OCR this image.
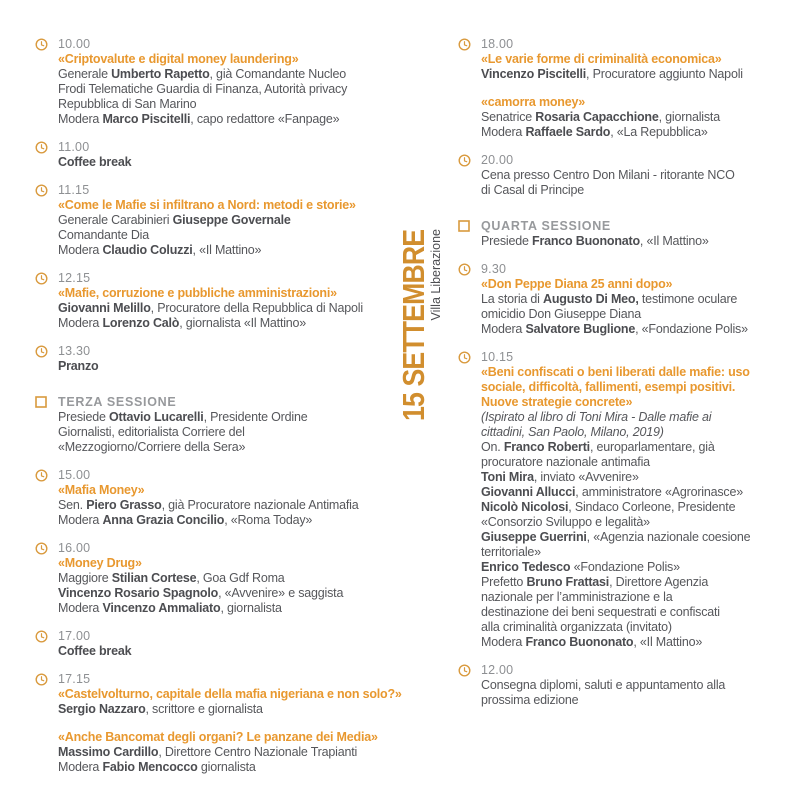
10.00
«Criptovalute e digital money laundering»
Generale Umberto Rapetto, già Comandante Nucleo
Frodi Telematiche Guardia di Finanza, Autorità privacy
Repubblica di San Marino
Modera Marco Piscitelli, capo redattore «Fanpage»
11.00
Coffee break
11.15
«Come le Mafie si infiltrano a Nord: metodi e storie»
Generale Carabinieri Giuseppe Governale
Comandante Dia
Modera Claudio Coluzzi, «Il Mattino»
12.15
«Mafie, corruzione e pubbliche amministrazioni»
Giovanni Melillo, Procuratore della Repubblica di Napoli
Modera Lorenzo Calò, giornalista «Il Mattino»
13.30
Pranzo
TERZA SESSIONE
Presiede Ottavio Lucarelli, Presidente Ordine
Giornalisti, editorialista Corriere del
«Mezzogiorno/Corriere della Sera»
15.00
«Mafia Money»
Sen. Piero Grasso, già Procuratore nazionale Antimafia
Modera Anna Grazia Concilio, «Roma Today»
16.00
«Money Drug»
Maggiore Stilian Cortese, Goa Gdf Roma
Vincenzo Rosario Spagnolo, «Avvenire» e saggista
Modera Vincenzo Ammaliato, giornalista
17.00
Coffee break
17.15
«Castelvolturno, capitale della mafia nigeriana e non solo?»
Sergio Nazzaro, scrittore e giornalista
«Anche Bancomat degli organi? Le panzane dei Media»
Massimo Cardillo, Direttore Centro Nazionale Trapianti
Modera Fabio Mencocco giornalista
18.00
«Le varie forme di criminalità economica»
Vincenzo Piscitelli, Procuratore aggiunto Napoli
«camorra money»
Senatrice Rosaria Capacchione, giornalista
Modera Raffaele Sardo, «La Repubblica»
20.00
Cena presso Centro Don Milani - ritorante NCO
di Casal di Principe
QUARTA SESSIONE
Presiede Franco Buononato, «Il Mattino»
9.30
«Don Peppe Diana 25 anni dopo»
La storia di Augusto Di Meo, testimone oculare
omicidio Don Giuseppe Diana
Modera Salvatore Buglione, «Fondazione Polis»
10.15
«Beni confiscati o beni liberati dalle mafie: uso
sociale, difficoltà, fallimenti, esempi positivi.
Nuove strategie concrete»
(Ispirato al libro di Toni Mira - Dalle mafie ai
cittadini, San Paolo, Milano, 2019)
On. Franco Roberti, europarlamentare, già
procuratore nazionale antimafia
Toni Mira, inviato «Avvenire»
Giovanni Allucci, amministratore «Agrorinasce»
Nicolò Nicolosi, Sindaco Corleone, Presidente
«Consorzio Sviluppo e legalità»
Giuseppe Guerrini, «Agenzia nazionale coesione
territoriale»
Enrico Tedesco «Fondazione Polis»
Prefetto Bruno Frattasi, Direttore Agenzia
nazionale per l’amministrazione e la
destinazione dei beni sequestrati e confiscati
alla criminalità organizzata (invitato)
Modera Franco Buononato, «Il Mattino»
12.00
Consegna diplomi, saluti e appuntamento alla
prossima edizione
15 SETTEMBRE
Villa Liberazione
